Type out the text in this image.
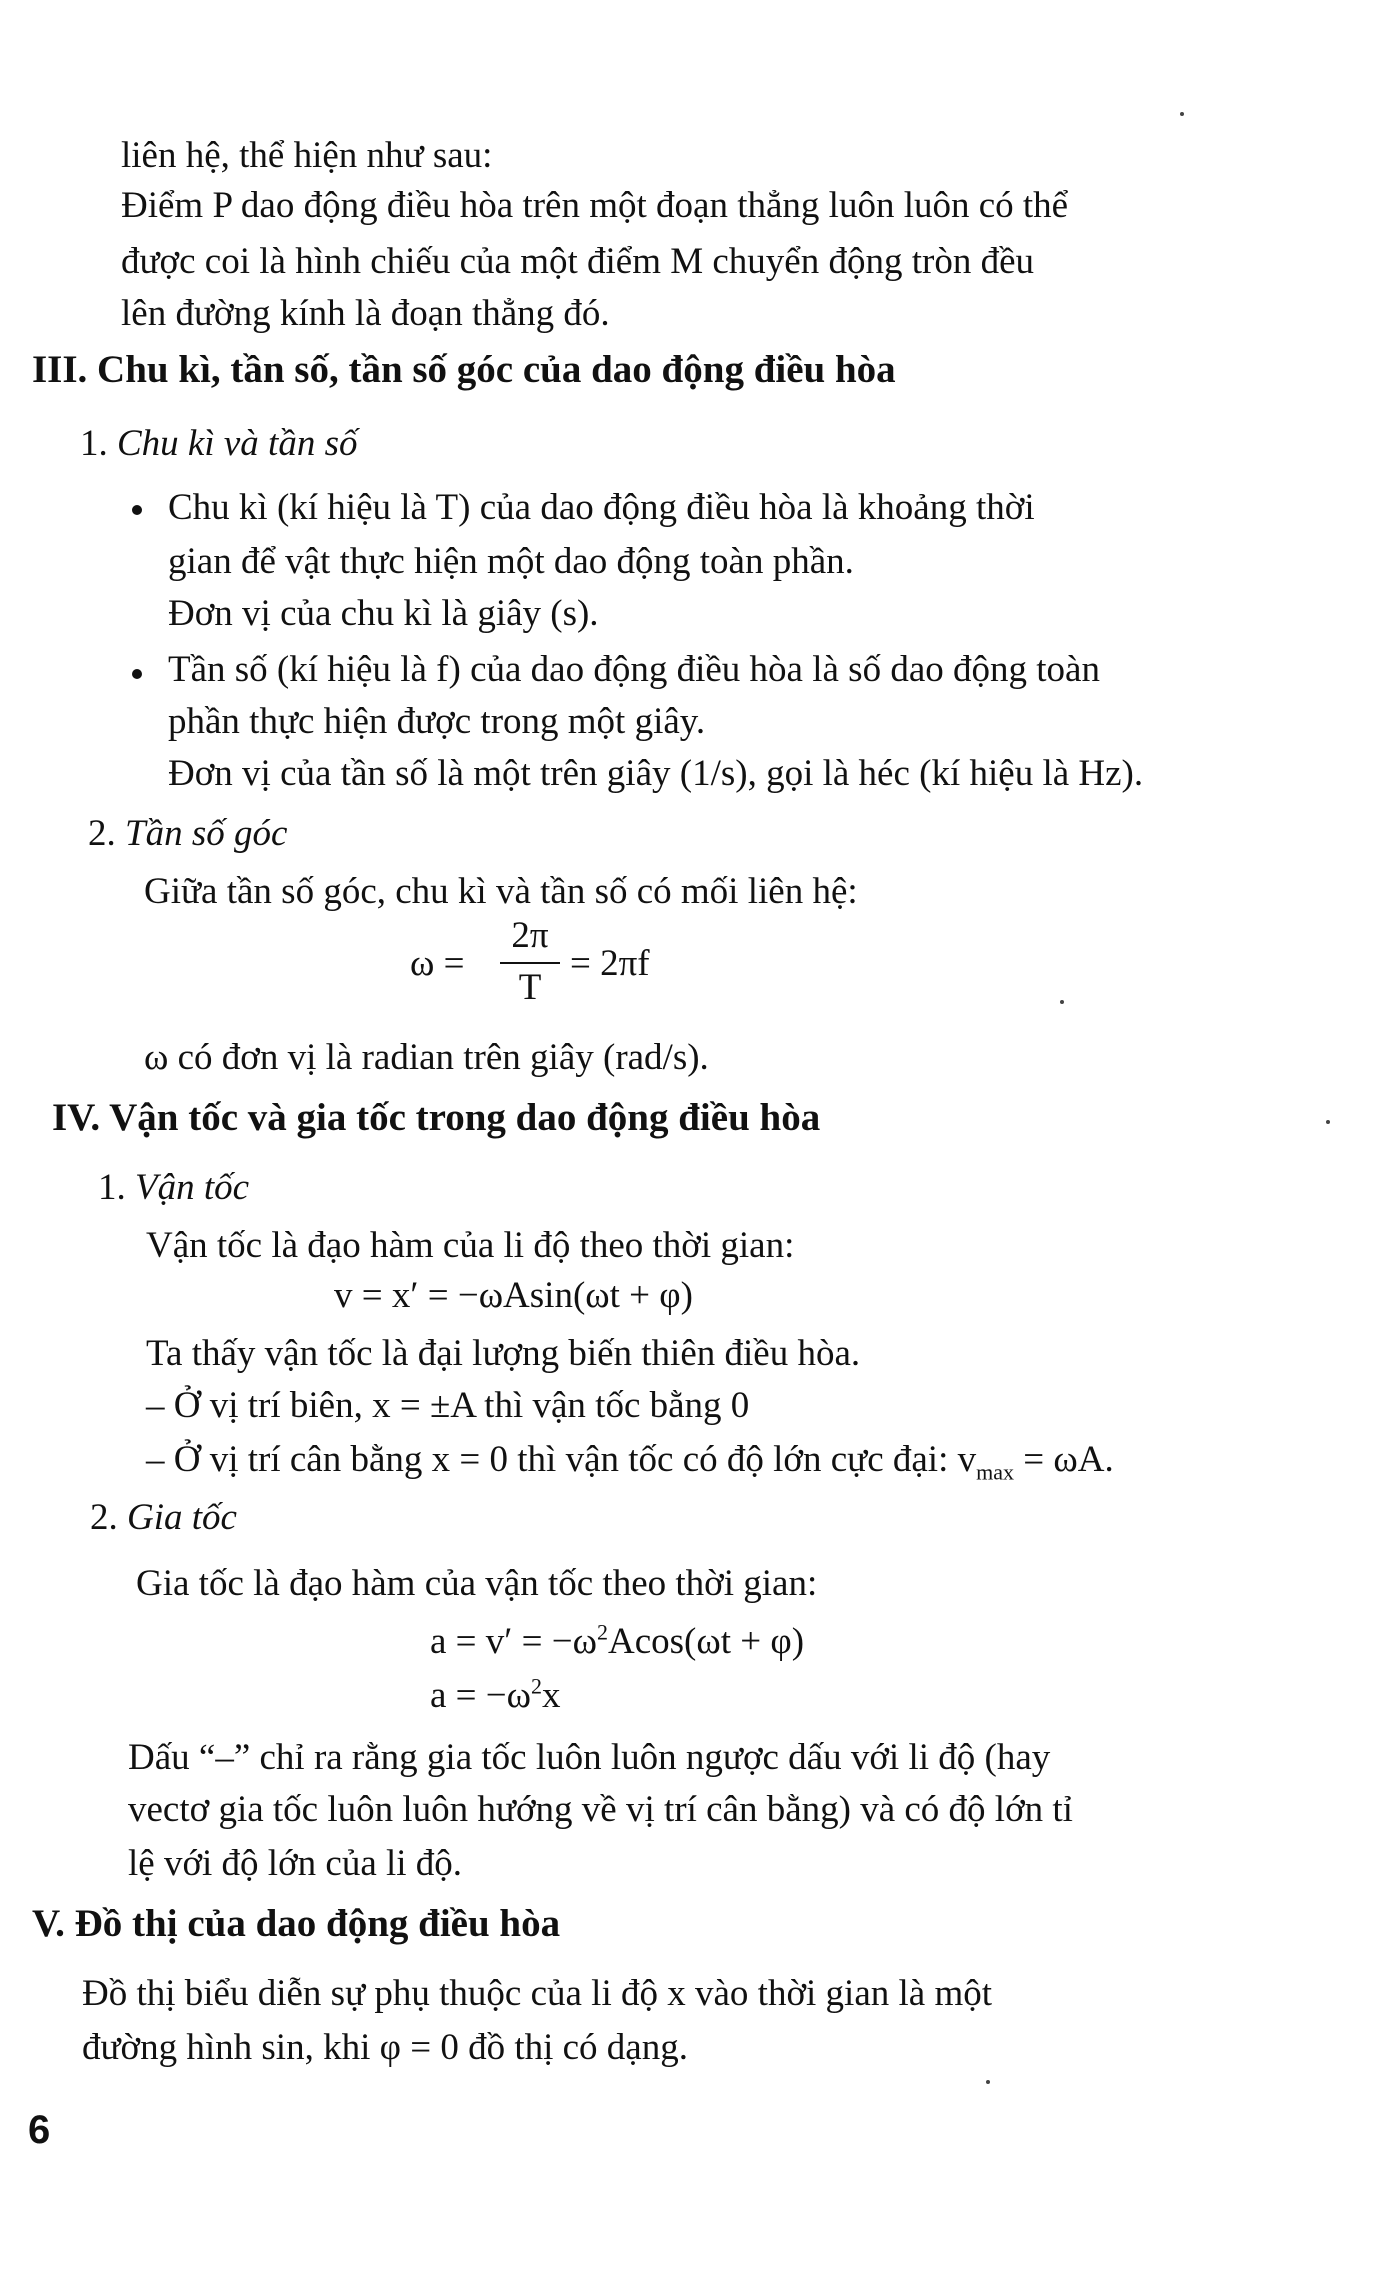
liên hệ, thể hiện như sau:
Điểm P dao động điều hòa trên một đoạn thẳng luôn luôn có thể
được coi là hình chiếu của một điểm M chuyển động tròn đều
lên đường kính là đoạn thẳng đó.
III. Chu kì, tần số, tần số góc của dao động điều hòa
1. Chu kì và tần số
Chu kì (kí hiệu là T) của dao động điều hòa là khoảng thời
gian để vật thực hiện một dao động toàn phần.
Đơn vị của chu kì là giây (s).
Tần số (kí hiệu là f) của dao động điều hòa là số dao động toàn
phần thực hiện được trong một giây.
Đơn vị của tần số là một trên giây (1/s), gọi là héc (kí hiệu là Hz).
2. Tần số góc
Giữa tần số góc, chu kì và tần số có mối liên hệ:
ω =
2π
T
= 2πf
ω có đơn vị là radian trên giây (rad/s).
IV. Vận tốc và gia tốc trong dao động điều hòa
1. Vận tốc
Vận tốc là đạo hàm của li độ theo thời gian:
v = x′ = −ωAsin(ωt + φ)
Ta thấy vận tốc là đại lượng biến thiên điều hòa.
– Ở vị trí biên, x = ±A thì vận tốc bằng 0
– Ở vị trí cân bằng x = 0 thì vận tốc có độ lớn cực đại: $v_{max} = \omega A$.
2. Gia tốc
Gia tốc là đạo hàm của vận tốc theo thời gian:
$a = v' = -\omega^2Acos(\omega t + \varphi)$
$a = -\omega^2x$
Dấu “–” chỉ ra rằng gia tốc luôn luôn ngược dấu với li độ (hay
vectơ gia tốc luôn luôn hướng về vị trí cân bằng) và có độ lớn tỉ
lệ với độ lớn của li độ.
V. Đồ thị của dao động điều hòa
Đồ thị biểu diễn sự phụ thuộc của li độ x vào thời gian là một
đường hình sin, khi φ = 0 đồ thị có dạng.
6
